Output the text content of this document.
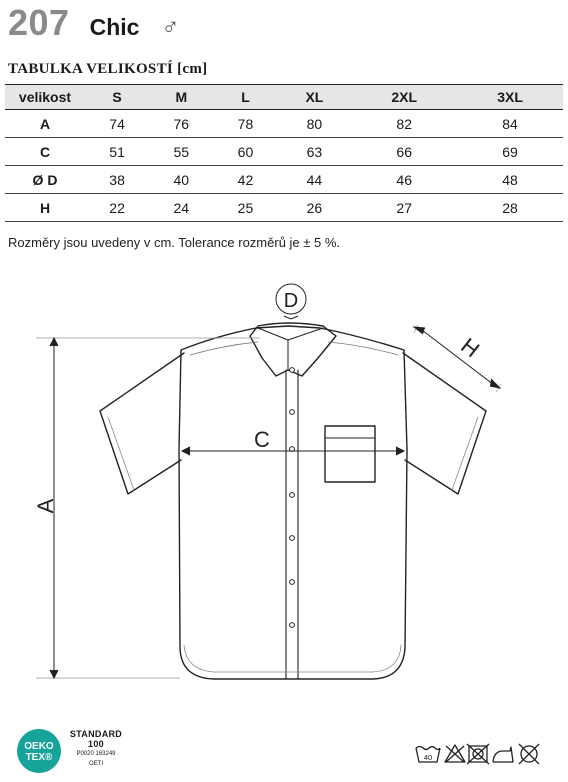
207 Chic ♂
TABULKA VELIKOSTÍ [cm]
velikost	S	M	L	XL	2XL	3XL
A	74	76	78	80	82	84
C	51	55	60	63	66	69
Ø D	38	40	42	44	46	48
H	22	24	25	26	27	28
Rozměry jsou uvedeny v cm. Tolerance rozměrů je ± 5 %.
A
C
D
H
OEKO
TEX®
STANDARD
100
P0020 163249
OETI
40
